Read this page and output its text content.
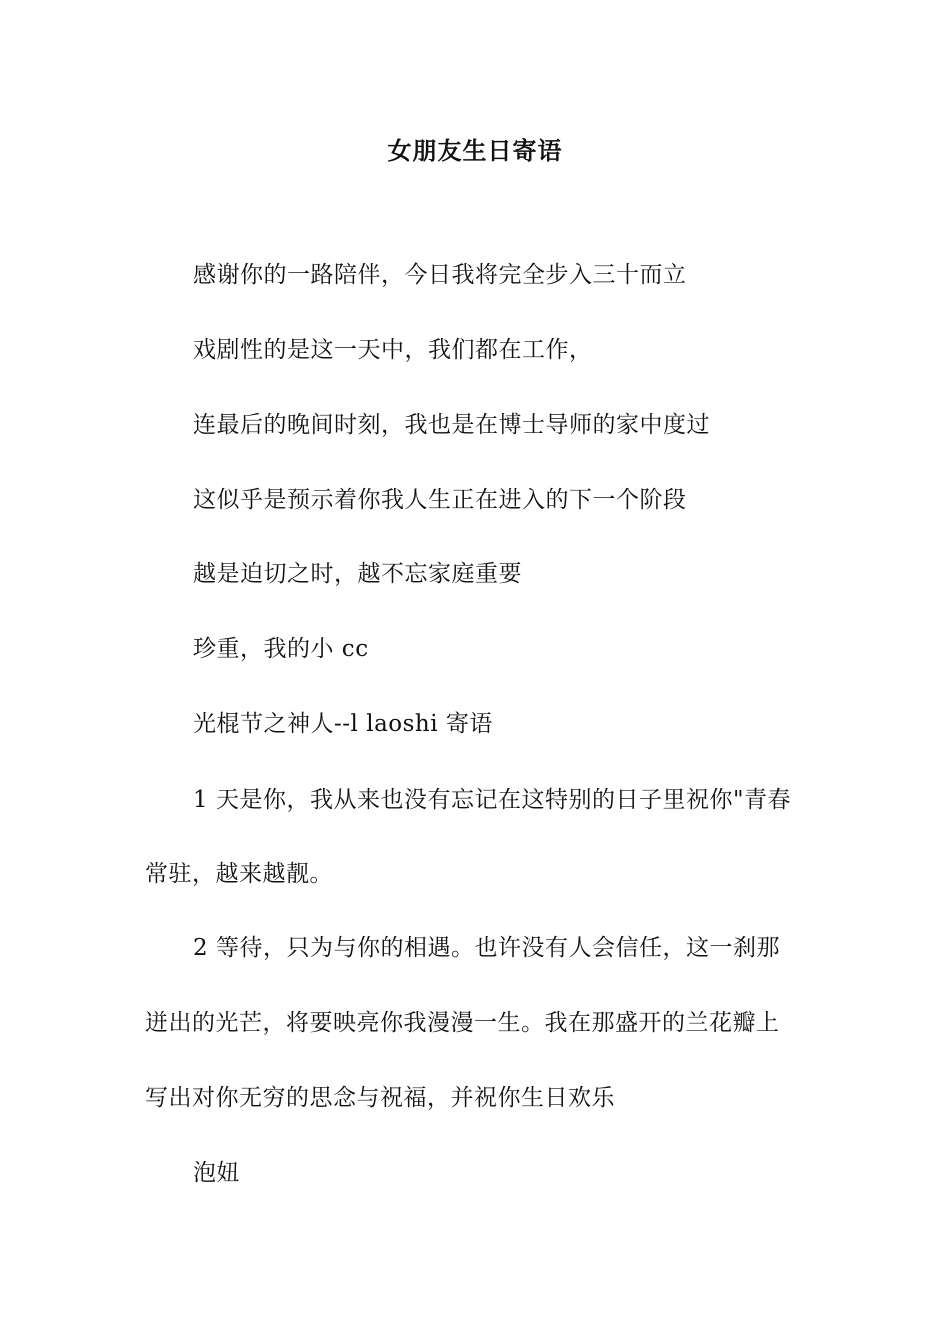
女朋友生日寄语
感谢你的一路陪伴，今日我将完全步入三十而立
戏剧性的是这一天中，我们都在工作，
连最后的晚间时刻，我也是在博士导师的家中度过
这似乎是预示着你我人生正在进入的下一个阶段
越是迫切之时，越不忘家庭重要
珍重，我的小 cc
光棍节之神人--l laoshi 寄语
1 天是你，我从来也没有忘记在这特别的日子里祝你"青春
常驻，越来越靓。
2 等待，只为与你的相遇。也许没有人会信任，这一刹那
迸出的光芒，将要映亮你我漫漫一生。我在那盛开的兰花瓣上
写出对你无穷的思念与祝福，并祝你生日欢乐
泡妞
